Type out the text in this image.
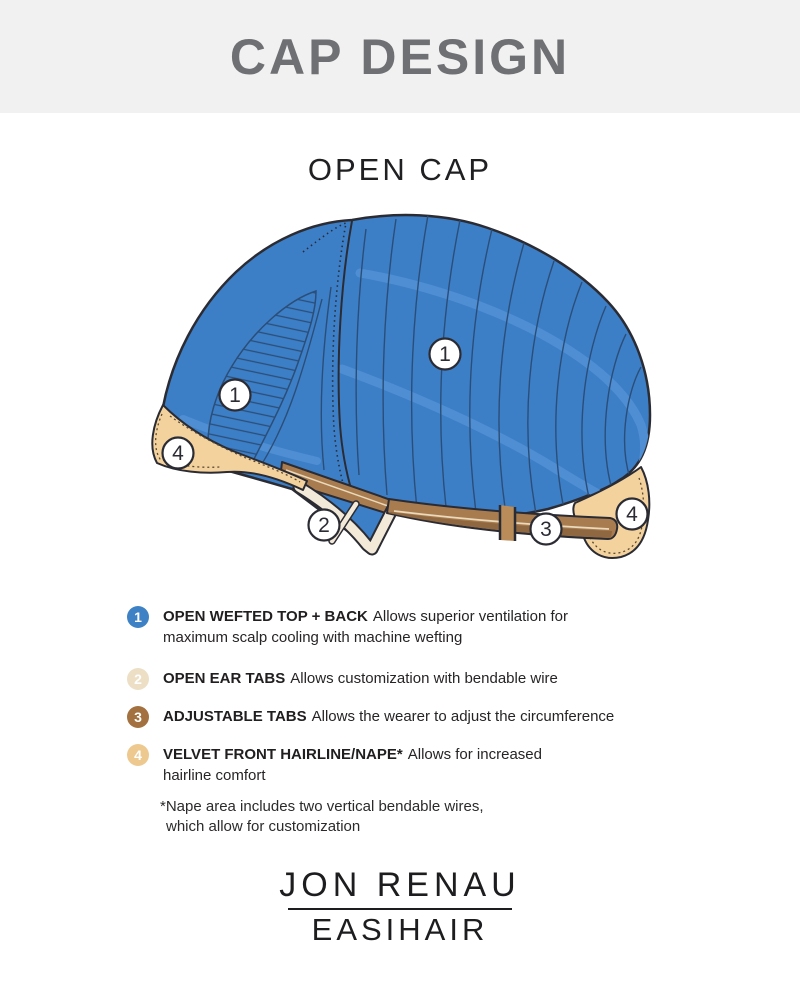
CAP DESIGN
OPEN CAP
1
1
2	3
4
4
1	OPEN WEFTED TOP + BACK Allows superior ventilation for
maximum scalp cooling with machine wefting
2	OPEN EAR TABS Allows customization with bendable wire
3	ADJUSTABLE TABS Allows the wearer to adjust the circumference
4	VELVET FRONT HAIRLINE/NAPE* Allows for increased
hairline comfort
*Nape area includes two vertical bendable wires,
which allow for customization
JON RENAU
EASIHAIR
